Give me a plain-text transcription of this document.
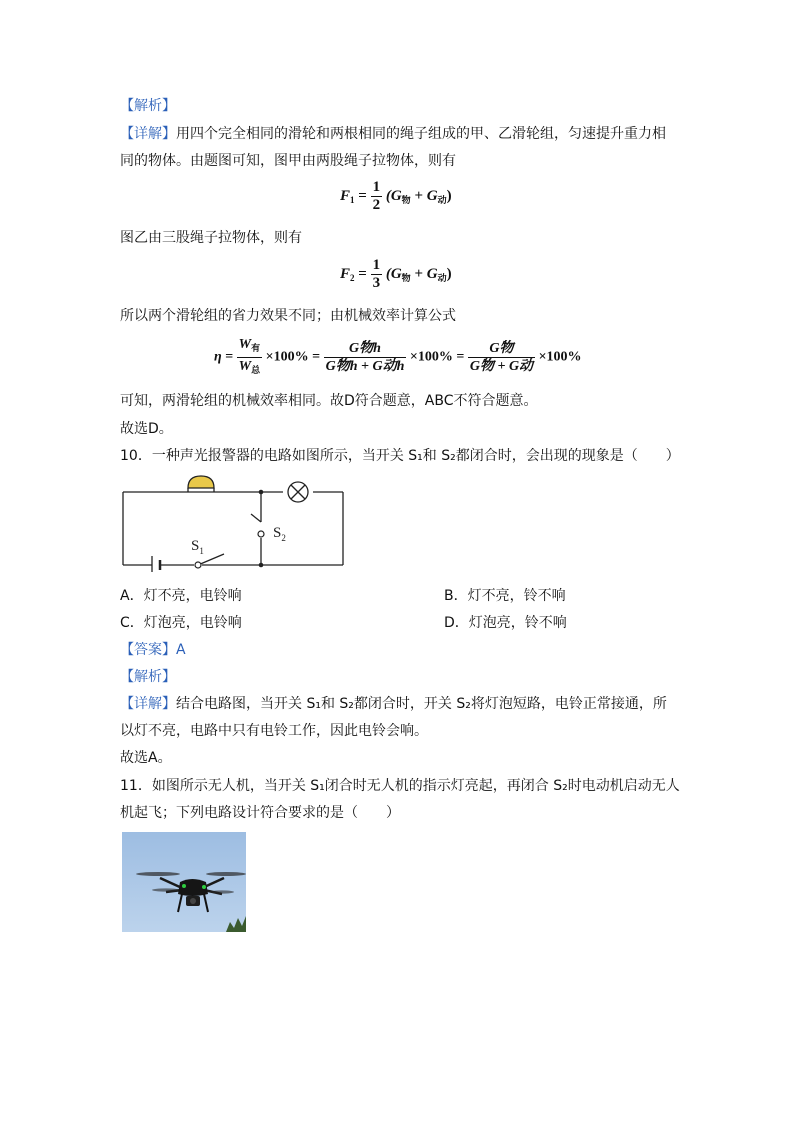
【解析】
【详解】用四个完全相同的滑轮和两根相同的绳子组成的甲、乙滑轮组，匀速提升重力相
同的物体。由题图可知，图甲由两股绳子拉物体，则有
$F_1 = \frac{1}{2} (G_物 + G_动)$
图乙由三股绳子拉物体，则有
$F_2 = \frac{1}{3} (G_物 + G_动)$
所以两个滑轮组的省力效果不同；由机械效率计算公式
$\eta = \frac{W_有}{W_总} \times 100\% = \frac{\text{G物h}}{\text{G物h + G动h}} \times 100\% = \frac{\text{G物}}{\text{G物 + G动}} \times 100\%$
可知，两滑轮组的机械效率相同。故D符合题意，ABC不符合题意。
故选D。
10．一种声光报警器的电路如图所示，当开关 S₁和 S₂都闭合时，会出现的现象是（　　）
$S_1$
$S_2$
A．灯不亮，电铃响	B．灯不亮，铃不响
C．灯泡亮，电铃响	D．灯泡亮，铃不响
【答案】A
【解析】
【详解】结合电路图，当开关 S₁和 S₂都闭合时，开关 S₂将灯泡短路，电铃正常接通，所
以灯不亮，电路中只有电铃工作，因此电铃会响。
故选A。
11．如图所示无人机，当开关 S₁闭合时无人机的指示灯亮起，再闭合 S₂时电动机启动无人
机起飞；下列电路设计符合要求的是（　　）
